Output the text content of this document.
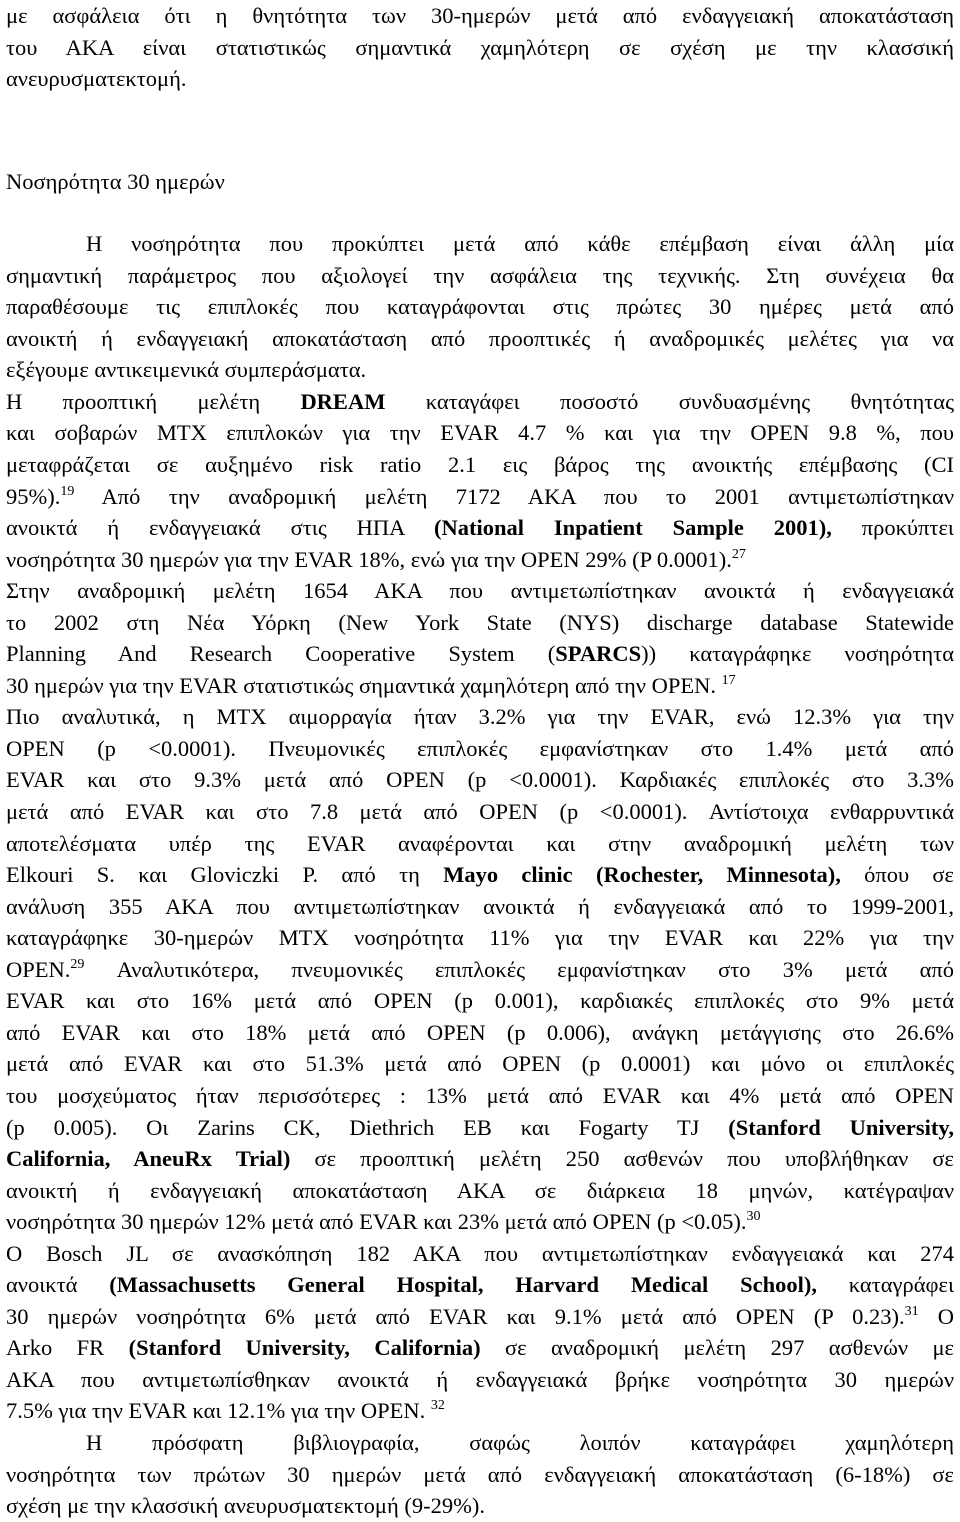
με ασφάλεια ότι η θνητότητα των 30-ημερών μετά από ενδαγγειακή αποκατάσταση
του ΑΚΑ είναι στατιστικώς σημαντικά χαμηλότερη σε σχέση με την κλασσική
ανευρυσματεκτομή.
Νοσηρότητα 30 ημερών
Η νοσηρότητα που προκύπτει μετά από κάθε επέμβαση είναι άλλη μία
σημαντική παράμετρος που αξιολογεί την ασφάλεια της τεχνικής. Στη συνέχεια θα
παραθέσουμε τις επιπλοκές που καταγράφονται στις πρώτες 30 ημέρες μετά από
ανοικτή ή ενδαγγειακή αποκατάσταση από προοπτικές ή αναδρομικές μελέτες για να
εξέγουμε αντικειμενικά συμπεράσματα.
Η προοπτική μελέτη DREAM καταγάφει ποσοστό συνδυασμένης θνητότητας
και σοβαρών ΜΤΧ επιπλοκών για την EVAR 4.7 % και για την OPEN 9.8 %, που
μεταφράζεται σε αυξημένο risk ratio 2.1 εις βάρος της ανοικτής επέμβασης (CI
95%).$^{19}$ Από την αναδρομική μελέτη 7172 ΑΚΑ που το 2001 αντιμετωπίστηκαν
ανοικτά ή ενδαγγειακά στις ΗΠΑ (National Inpatient Sample 2001), προκύπτει
νοσηρότητα 30 ημερών για την EVAR 18%, ενώ για την OPEN 29% (P 0.0001).$^{27}$
Στην αναδρομική μελέτη 1654 ΑΚΑ που αντιμετωπίστηκαν ανοικτά ή ενδαγγειακά
το 2002 στη Νέα Υόρκη (New York State (NYS) discharge database Statewide
Planning And Research Cooperative System (SPARCS)) καταγράφηκε νοσηρότητα
30 ημερών για την EVAR στατιστικώς σημαντικά χαμηλότερη από την OPEN. $^{17}$
Πιο αναλυτικά, η ΜΤΧ αιμορραγία ήταν 3.2% για την EVAR, ενώ 12.3% για την
OPEN (p <0.0001). Πνευμονικές επιπλοκές εμφανίστηκαν στο 1.4% μετά από
EVAR και στο 9.3% μετά από OPEN (p <0.0001). Καρδιακές επιπλοκές στο 3.3%
μετά από EVAR και στο 7.8 μετά από OPEN (p <0.0001). Αντίστοιχα ενθαρρυντικά
αποτελέσματα υπέρ της EVAR αναφέρονται και στην αναδρομική μελέτη των
Elkouri S. και Gloviczki P. από τη Mayo clinic (Rochester, Minnesota), όπου σε
ανάλυση 355 ΑΚΑ που αντιμετωπίστηκαν ανοικτά ή ενδαγγειακά από το 1999-2001,
καταγράφηκε 30-ημερών ΜΤΧ νοσηρότητα 11% για την EVAR και 22% για την
OPEN.$^{29}$ Αναλυτικότερα, πνευμονικές επιπλοκές εμφανίστηκαν στο 3% μετά από
EVAR και στο 16% μετά από OPEN (p 0.001), καρδιακές επιπλοκές στο 9% μετά
από EVAR και στο 18% μετά από OPEN (p 0.006), ανάγκη μετάγγισης στο 26.6%
μετά από EVAR και στο 51.3% μετά από OPEN (p 0.0001) και μόνο οι επιπλοκές
του μοσχεύματος ήταν περισσότερες : 13% μετά από EVAR και 4% μετά από OPEN
(p 0.005). Οι Zarins CK, Diethrich EB και Fogarty TJ (Stanford University,
California, AneuRx Trial) σε προοπτική μελέτη 250 ασθενών που υποβλήθηκαν σε
ανοικτή ή ενδαγγειακή αποκατάσταση ΑΚΑ σε διάρκεια 18 μηνών, κατέγραψαν
νοσηρότητα 30 ημερών 12% μετά από EVAR και 23% μετά από OPEN (p <0.05).$^{30}$
Ο Bosch JL σε ανασκόπηση 182 ΑΚΑ που αντιμετωπίστηκαν ενδαγγειακά και 274
ανοικτά (Massachusetts General Hospital, Harvard Medical School), καταγράφει
30 ημερών νοσηρότητα 6% μετά από EVAR και 9.1% μετά από OPEN (P 0.23).$^{31}$ Ο
Arko FR (Stanford University, California) σε αναδρομική μελέτη 297 ασθενών με
ΑΚΑ που αντιμετωπίσθηκαν ανοικτά ή ενδαγγειακά βρήκε νοσηρότητα 30 ημερών
7.5% για την EVAR και 12.1% για την OPEN. $^{32}$
Η πρόσφατη βιβλιογραφία, σαφώς λοιπόν καταγράφει χαμηλότερη
νοσηρότητα των πρώτων 30 ημερών μετά από ενδαγγειακή αποκατάσταση (6-18%) σε
σχέση με την κλασσική ανευρυσματεκτομή (9-29%).
